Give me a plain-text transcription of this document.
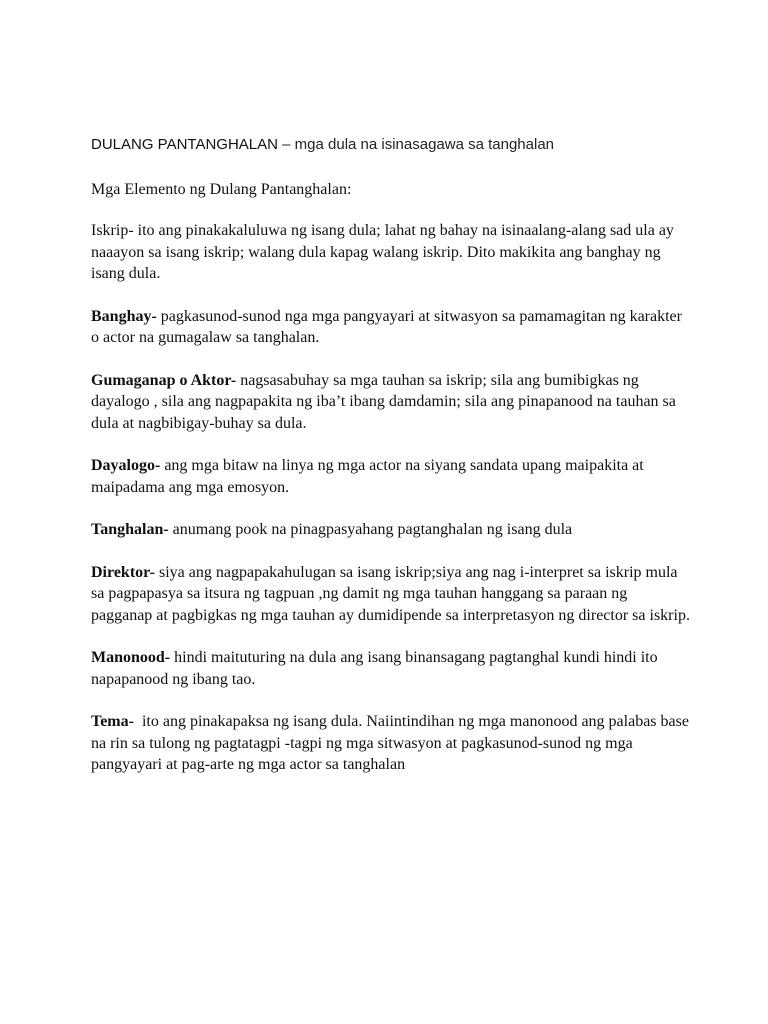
DULANG PANTANGHALAN – mga dula na isinasagawa sa tanghalan

Mga Elemento ng Dulang Pantanghalan:

Iskrip- ito ang pinakakaluluwa ng isang dula; lahat ng bahay na isinaalang-alang sad ula ay naaayon sa isang iskrip; walang dula kapag walang iskrip. Dito makikita ang banghay ng isang dula.

Banghay- pagkasunod-sunod nga mga pangyayari at sitwasyon sa pamamagitan ng karakter o actor na gumagalaw sa tanghalan.

Gumaganap o Aktor- nagsasabuhay sa mga tauhan sa iskrip; sila ang bumibigkas ng dayalogo , sila ang nagpapakita ng iba’t ibang damdamin; sila ang pinapanood na tauhan sa dula at nagbibigay-buhay sa dula.

Dayalogo- ang mga bitaw na linya ng mga actor na siyang sandata upang maipakita at maipadama ang mga emosyon.

Tanghalan- anumang pook na pinagpasyahang pagtanghalan ng isang dula

Direktor- siya ang nagpapakahulugan sa isang iskrip;siya ang nag i-interpret sa iskrip mula sa pagpapasya sa itsura ng tagpuan ,ng damit ng mga tauhan hanggang sa paraan ng pagganap at pagbigkas ng mga tauhan ay dumidipende sa interpretasyon ng director sa iskrip.

Manonood- hindi maituturing na dula ang isang binansagang pagtanghal kundi hindi ito napapanood ng ibang tao.

Tema-  ito ang pinakapaksa ng isang dula. Naiintindihan ng mga manonood ang palabas base na rin sa tulong ng pagtatagpi -tagpi ng mga sitwasyon at pagkasunod-sunod ng mga pangyayari at pag-arte ng mga actor sa tanghalan
